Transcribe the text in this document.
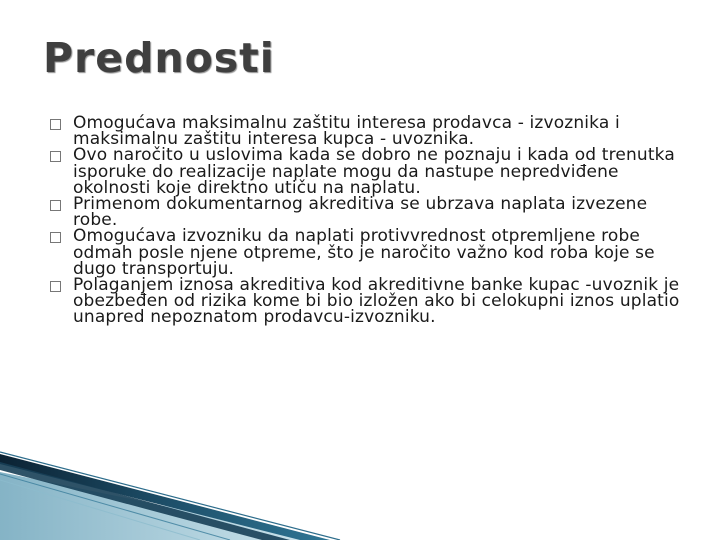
Prednosti
Omogućava maksimalnu zaštitu interesa prodavca - izvoznika i maksimalnu zaštitu interesa kupca - uvoznika.
Ovo naročito u uslovima kada se dobro ne poznaju i kada od trenutka isporuke do realizacije naplate mogu da nastupe nepredviđene okolnosti koje direktno utiču na naplatu.
Primenom dokumentarnog akreditiva se ubrzava naplata izvezene robe.
Omogućava izvozniku da naplati protivvrednost otpremljene robe odmah posle njene otpreme, što je naročito važno kod roba koje se dugo transportuju.
Polaganjem iznosa akreditiva kod akreditivne banke kupac -uvoznik je obezbeđen od rizika kome bi bio izložen ako bi celokupni iznos uplatio unapred nepoznatom prodavcu-izvozniku.
